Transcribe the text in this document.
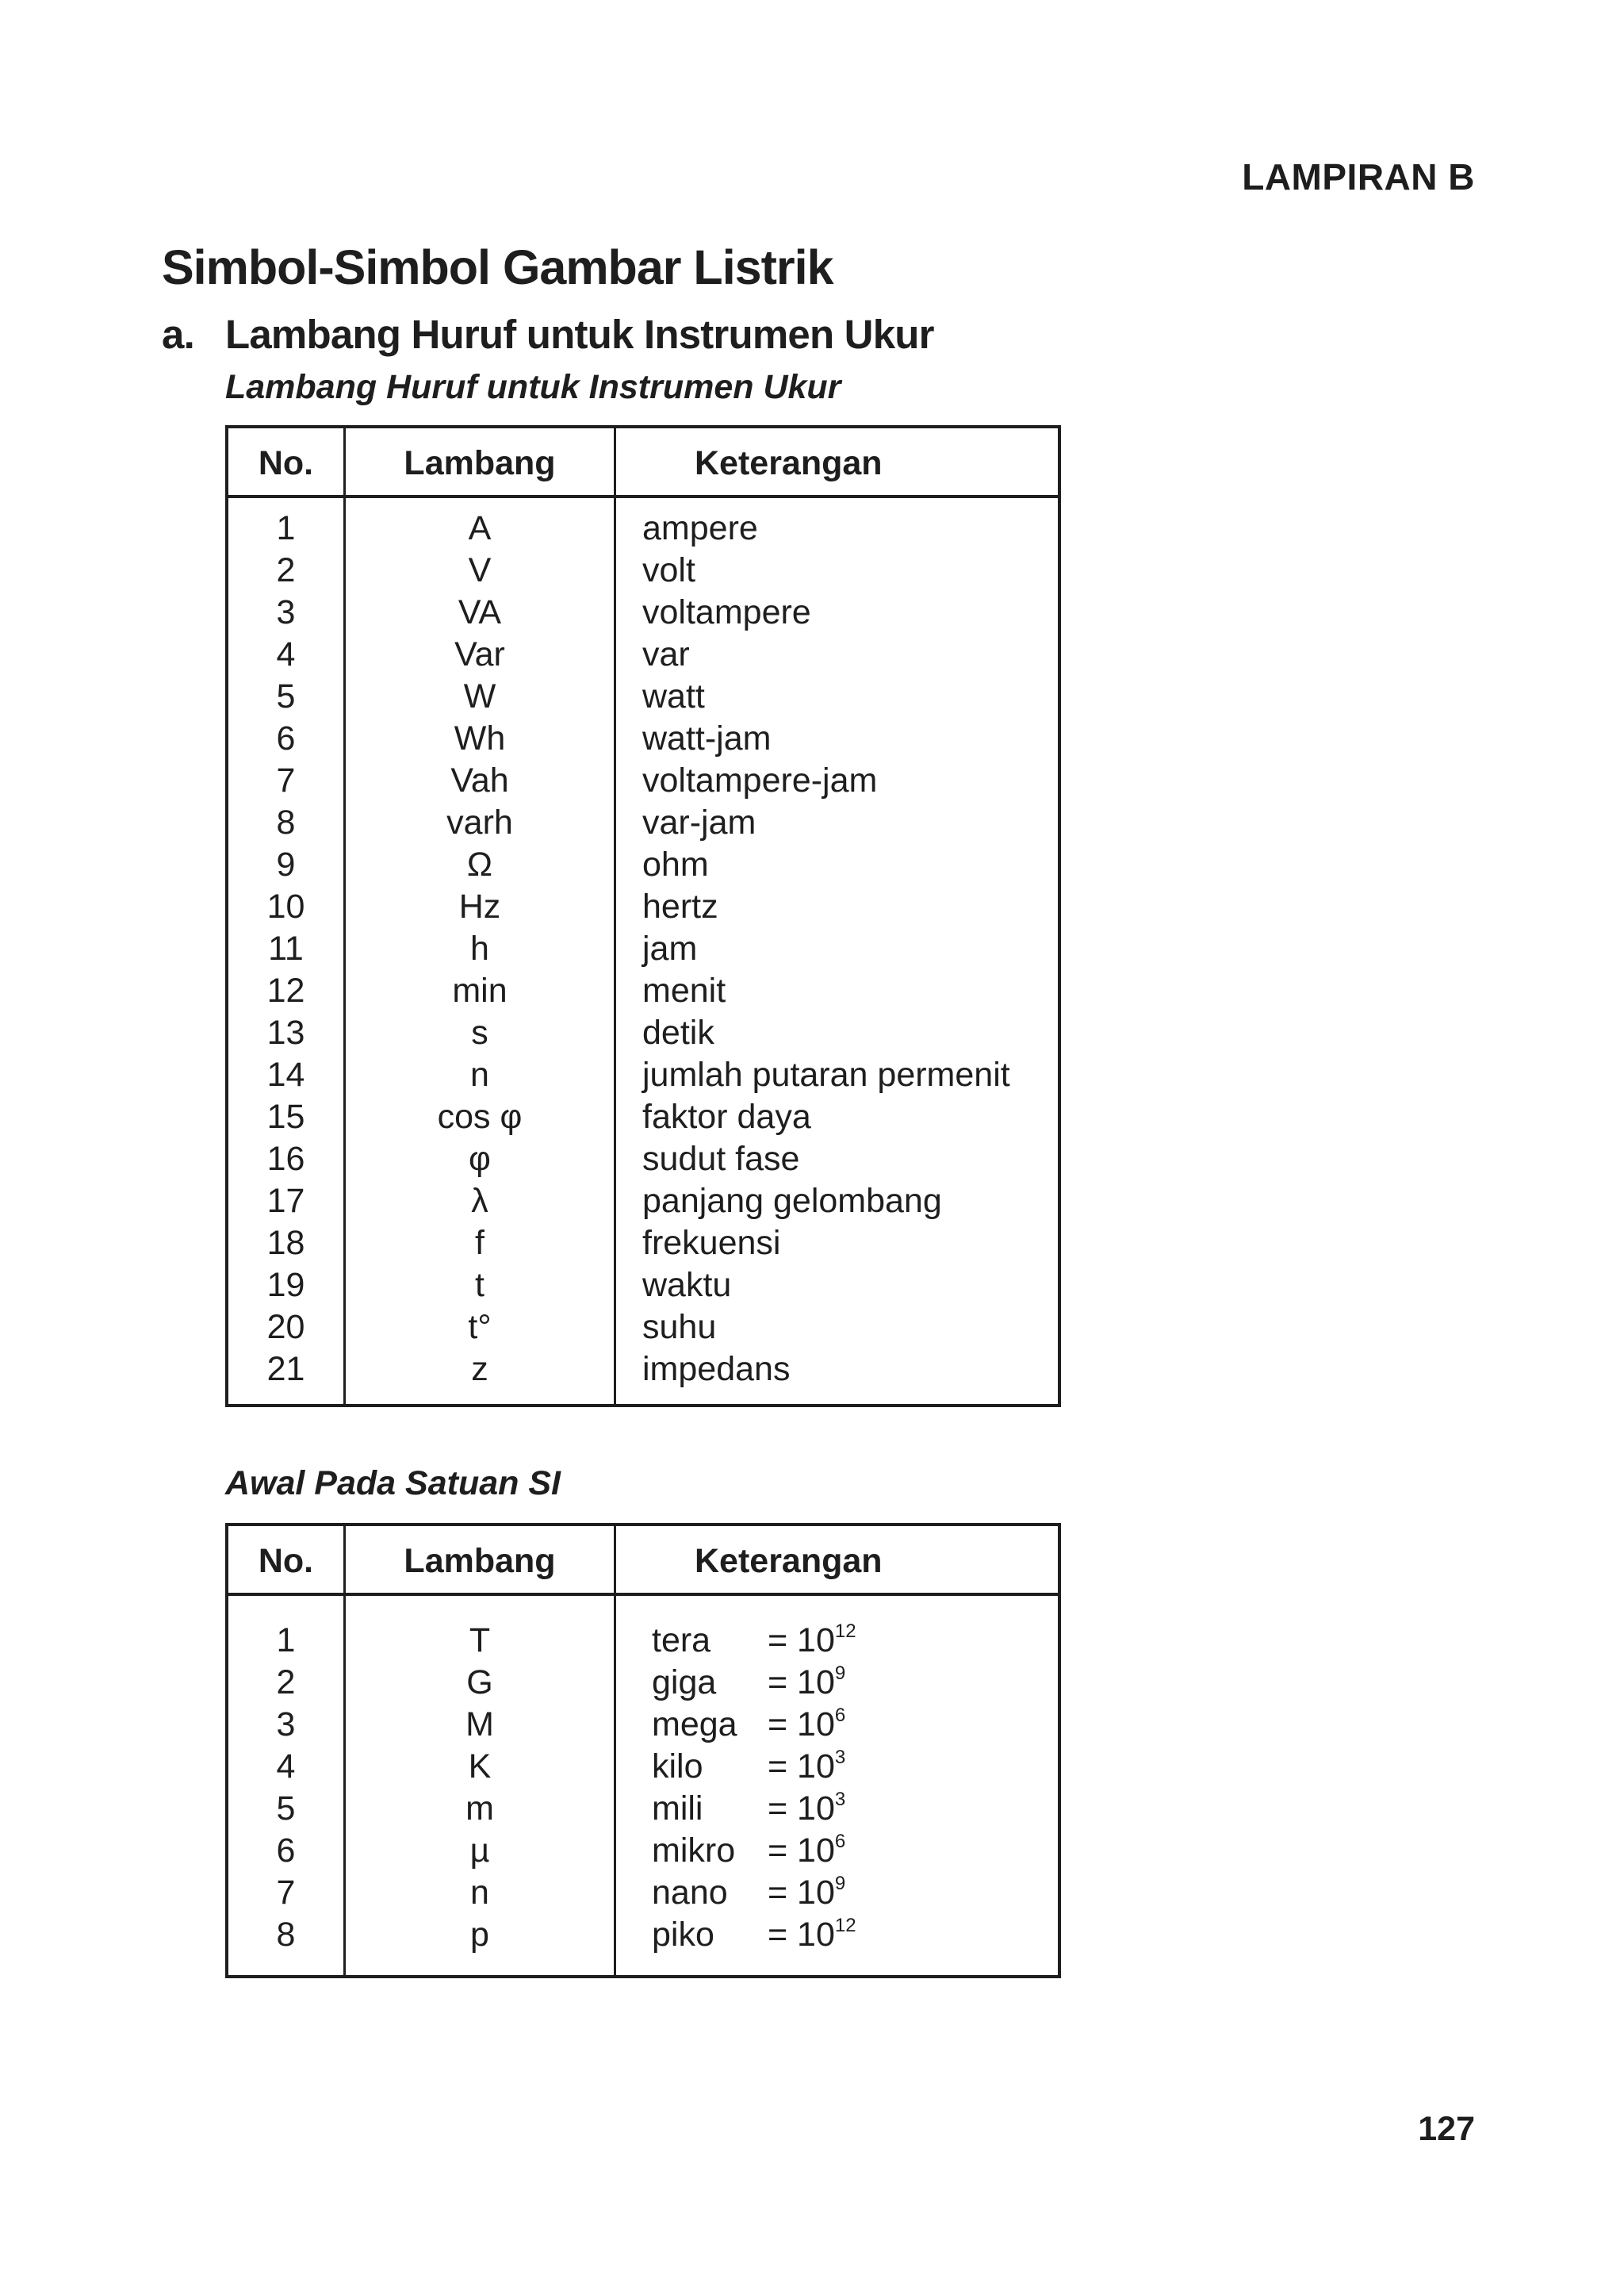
LAMPIRAN B
Simbol-Simbol Gambar Listrik
a. Lambang Huruf untuk Instrumen Ukur
Lambang Huruf untuk Instrumen Ukur
No.	Lambang	Keterangan
1	A	ampere
2	V	volt
3	VA	voltampere
4	Var	var
5	W	watt
6	Wh	watt-jam
7	Vah	voltampere-jam
8	varh	var-jam
9	Ω	ohm
10	Hz	hertz
11	h	jam
12	min	menit
13	s	detik
14	n	jumlah putaran permenit
15	cos φ	faktor daya
16	φ	sudut fase
17	λ	panjang gelombang
18	f	frekuensi
19	t	waktu
20	t°	suhu
21	z	impedans
Awal Pada Satuan SI
No.	Lambang	Keterangan
1	T	tera = $10^{12}$
2	G	giga = $10^9$
3	M	mega = $10^6$
4	K	kilo = $10^3$
5	m	mili = $10^3$
6	µ	mikro = $10^6$
7	n	nano = $10^9$
8	p	piko = $10^{12}$
127
